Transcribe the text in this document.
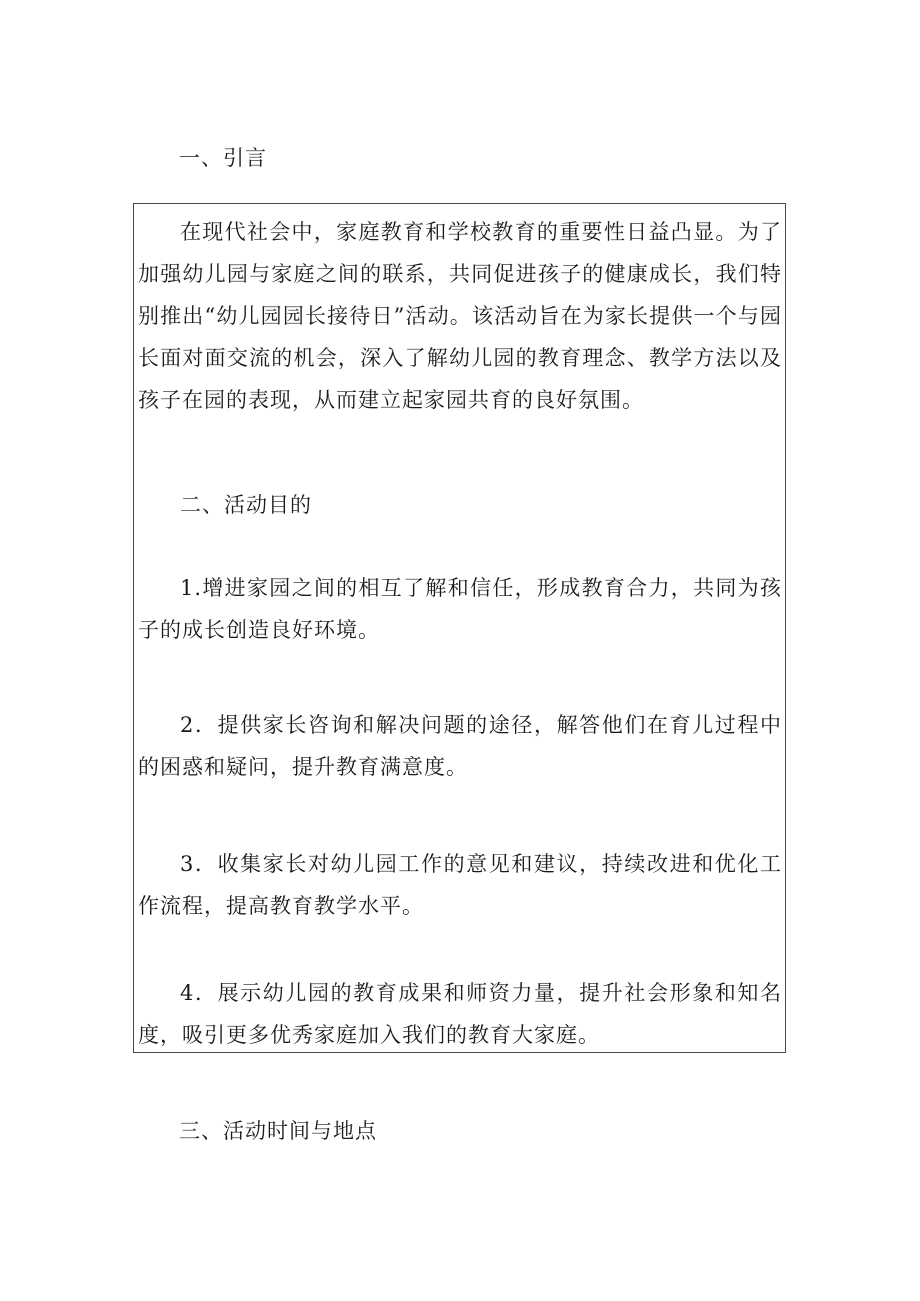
一、引言

在现代社会中，家庭教育和学校教育的重要性日益凸显。为了加强幼儿园与家庭之间的联系，共同促进孩子的健康成长，我们特别推出“幼儿园园长接待日”活动。该活动旨在为家长提供一个与园长面对面交流的机会，深入了解幼儿园的教育理念、教学方法以及孩子在园的表现，从而建立起家园共育的良好氛围。

二、活动目的

1.增进家园之间的相互了解和信任，形成教育合力，共同为孩子的成长创造良好环境。

2．提供家长咨询和解决问题的途径，解答他们在育儿过程中的困惑和疑问，提升教育满意度。

3．收集家长对幼儿园工作的意见和建议，持续改进和优化工作流程，提高教育教学水平。

4．展示幼儿园的教育成果和师资力量，提升社会形象和知名度，吸引更多优秀家庭加入我们的教育大家庭。

三、活动时间与地点
